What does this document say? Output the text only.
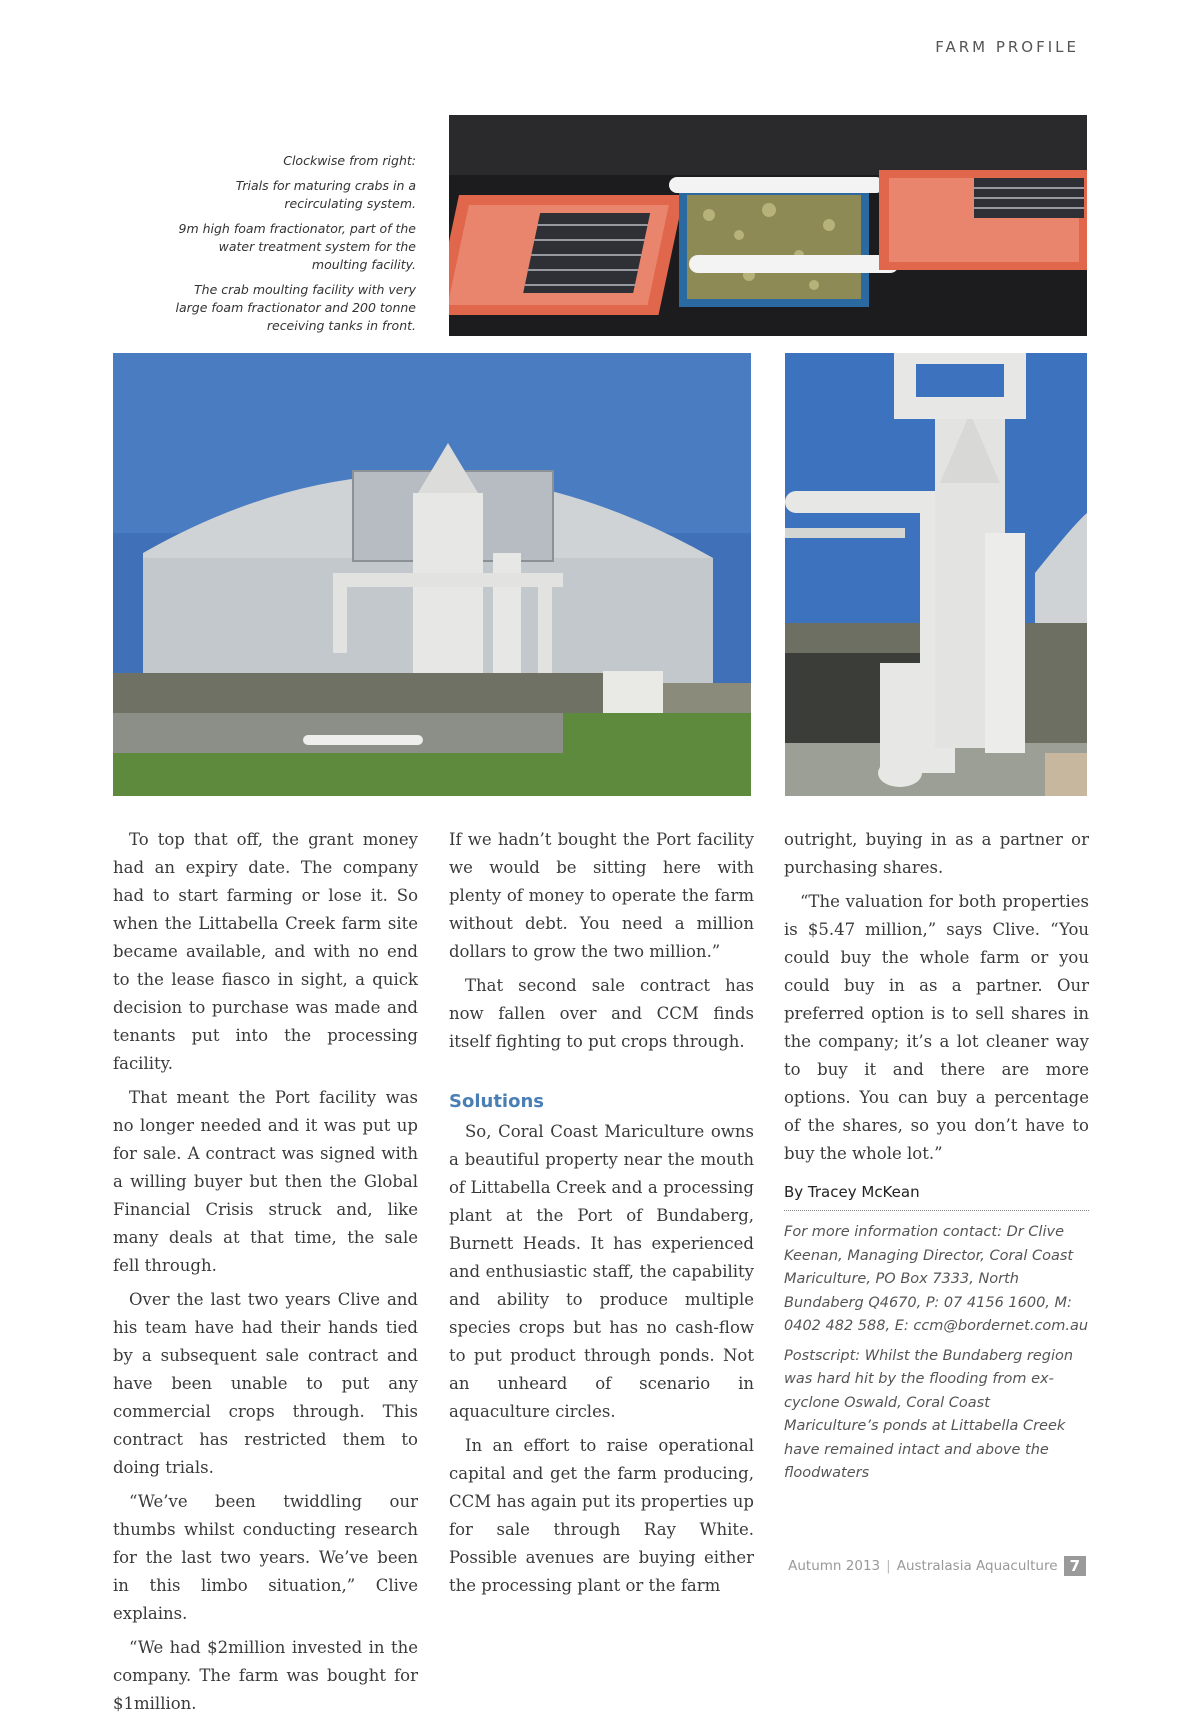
FARM PROFILE

Clockwise from right:

Trials for maturing crabs in a recirculating system.

9m high foam fractionator, part of the water treatment system for the moulting facility.

The crab moulting facility with very large foam fractionator and 200 tonne receiving tanks in front.

To top that off, the grant money had an expiry date. The company had to start farming or lose it. So when the Littabella Creek farm site became available, and with no end to the lease fiasco in sight, a quick decision to purchase was made and tenants put into the processing facility.

That meant the Port facility was no longer needed and it was put up for sale. A contract was signed with a willing buyer but then the Global Financial Crisis struck and, like many deals at that time, the sale fell through.

Over the last two years Clive and his team have had their hands tied by a subsequent sale contract and have been unable to put any commercial crops through. This contract has restricted them to doing trials.

“We’ve been twiddling our thumbs whilst conducting research for the last two years. We’ve been in this limbo situation,” Clive explains.

“We had $2million invested in the company. The farm was bought for $1million.

If we hadn’t bought the Port facility we would be sitting here with plenty of money to operate the farm without debt. You need a million dollars to grow the two million.”

That second sale contract has now fallen over and CCM finds itself fighting to put crops through.

Solutions

So, Coral Coast Mariculture owns a beautiful property near the mouth of Littabella Creek and a processing plant at the Port of Bundaberg, Burnett Heads. It has experienced and enthusiastic staff, the capability and ability to produce multiple species crops but has no cash-flow to put product through ponds. Not an unheard of scenario in aquaculture circles.

In an effort to raise operational capital and get the farm producing, CCM has again put its properties up for sale through Ray White. Possible avenues are buying either the processing plant or the farm

outright, buying in as a partner or purchasing shares.

“The valuation for both properties is $5.47 million,” says Clive. “You could buy the whole farm or you could buy in as a partner. Our preferred option is to sell shares in the company; it’s a lot cleaner way to buy it and there are more options. You can buy a percentage of the shares, so you don’t have to buy the whole lot.”

By Tracey McKean

For more information contact: Dr Clive Keenan, Managing Director, Coral Coast Mariculture, PO Box 7333, North Bundaberg Q4670, P: 07 4156 1600, M: 0402 482 588, E: ccm@bordernet.com.au

Postscript: Whilst the Bundaberg region was hard hit by the flooding from ex-cyclone Oswald, Coral Coast Mariculture’s ponds at Littabella Creek have remained intact and above the floodwaters

Autumn 2013 | Australasia Aquaculture 7
